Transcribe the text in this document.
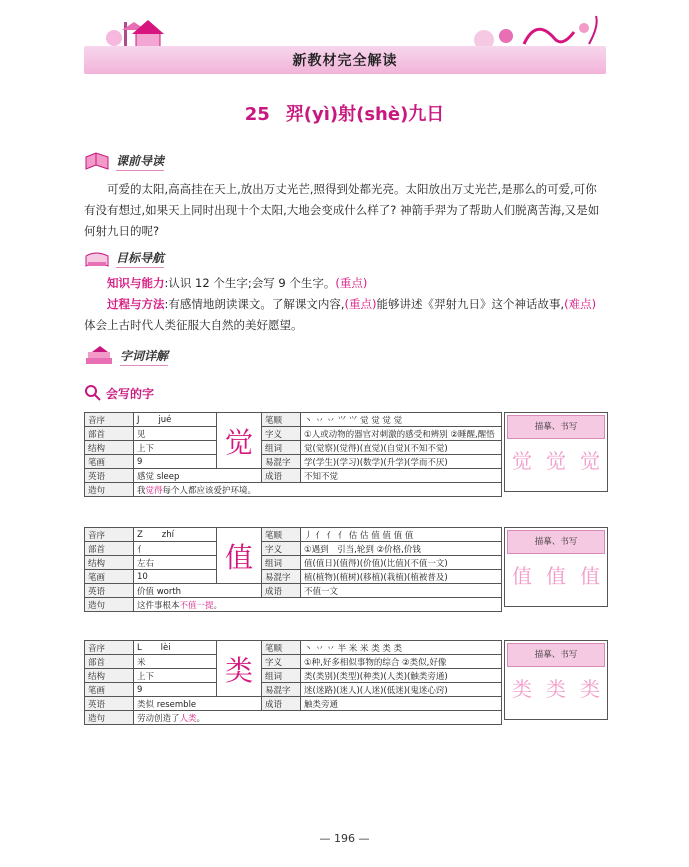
新教材完全解读
25 羿(yì)射(shè)九日
课前导读
可爱的太阳,高高挂在天上,放出万丈光芒,照得到处都光亮。太阳放出万丈光芒,是那么的可爱,可你有没有想过,如果天上同时出现十个太阳,大地会变成什么样了? 神箭手羿为了帮助人们脱离苦海,又是如何射九日的呢?
目标导航
知识与能力:认识 12 个生字;会写 9 个生字。(重点)
过程与方法:有感情地朗读课文。了解课文内容,(重点)能够讲述《羿射九日》这个神话故事,(难点)体会上古时代人类征服大自然的美好愿望。
字词详解
会写的字
音序	J jué	觉	笔顺	丶 丷 丷 ⺍ 𭕄 觉 觉 觉 觉
部首	见		字义	①人或动物的器官对刺激的感受和辨别 ②睡醒,醒悟
结构	上下		组词	觉(觉察)(觉得)(直觉)(自觉)(不知不觉)
笔画	9		易混字	学(学生)(学习)(数学)(升学)(学而不厌)
英语	感觉 sleep		成语	不知不觉
造句	我觉得每个人都应该爱护环境。			
描摹、书写
觉 觉 觉
音序	Z zhí	值	笔顺	丿 亻 亻 亻 估 估 值 值 值 值
部首	亻		字义	①遇到　引当,轮到 ②价格,价钱
结构	左右		组词	值(值日)(值得)(价值)(比值)(不值一文)
笔画	10		易混字	植(植物)(植树)(移植)(栽植)(植被普及)
英语	价值 worth		成语	不值一文
造句	这件事根本不值一提。			
描摹、书写
值 值 值
音序	L lèi	类	笔顺	丶 丷 丷 半 米 米 类 类 类
部首	米		字义	①种,好多相似事物的综合 ②类似,好像
结构	上下		组词	类(类别)(类型)(种类)(人类)(触类旁通)
笔画	9		易混字	迷(迷路)(迷人)(人迷)(低迷)(鬼迷心窍)
英语	类似 resemble		成语	触类旁通
造句	劳动创造了人类。			
描摹、书写
类 类 类
— 196 —
